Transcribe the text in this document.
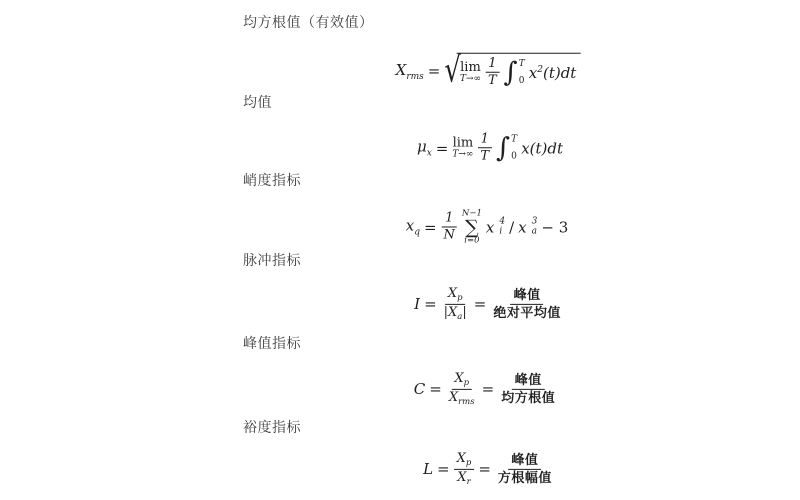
均方根值（有效值）
$X_{rms}$ = √ lim
$T\to\infty \frac{1}{T}$ ∫ T
0 $x^2(t)dt$
均值
$\mu_x = \lim$
$T\to\infty \frac{1}{T}$ ∫ T
0 x(t)dt
峭度指标
$x_q = \frac{1}{N} N-1$
∑
i=0
x 4
i / x 3
a − 3
脉冲指标
$I = \frac{X_p}{|X_a|}$ =
峰值
绝对平均值
峰值指标
C =
$X_p$
$X_{rms}$
=
峰值
均方根值
裕度指标
$L = \frac{X_p}{X_r}$ =
峰值
方根幅值
